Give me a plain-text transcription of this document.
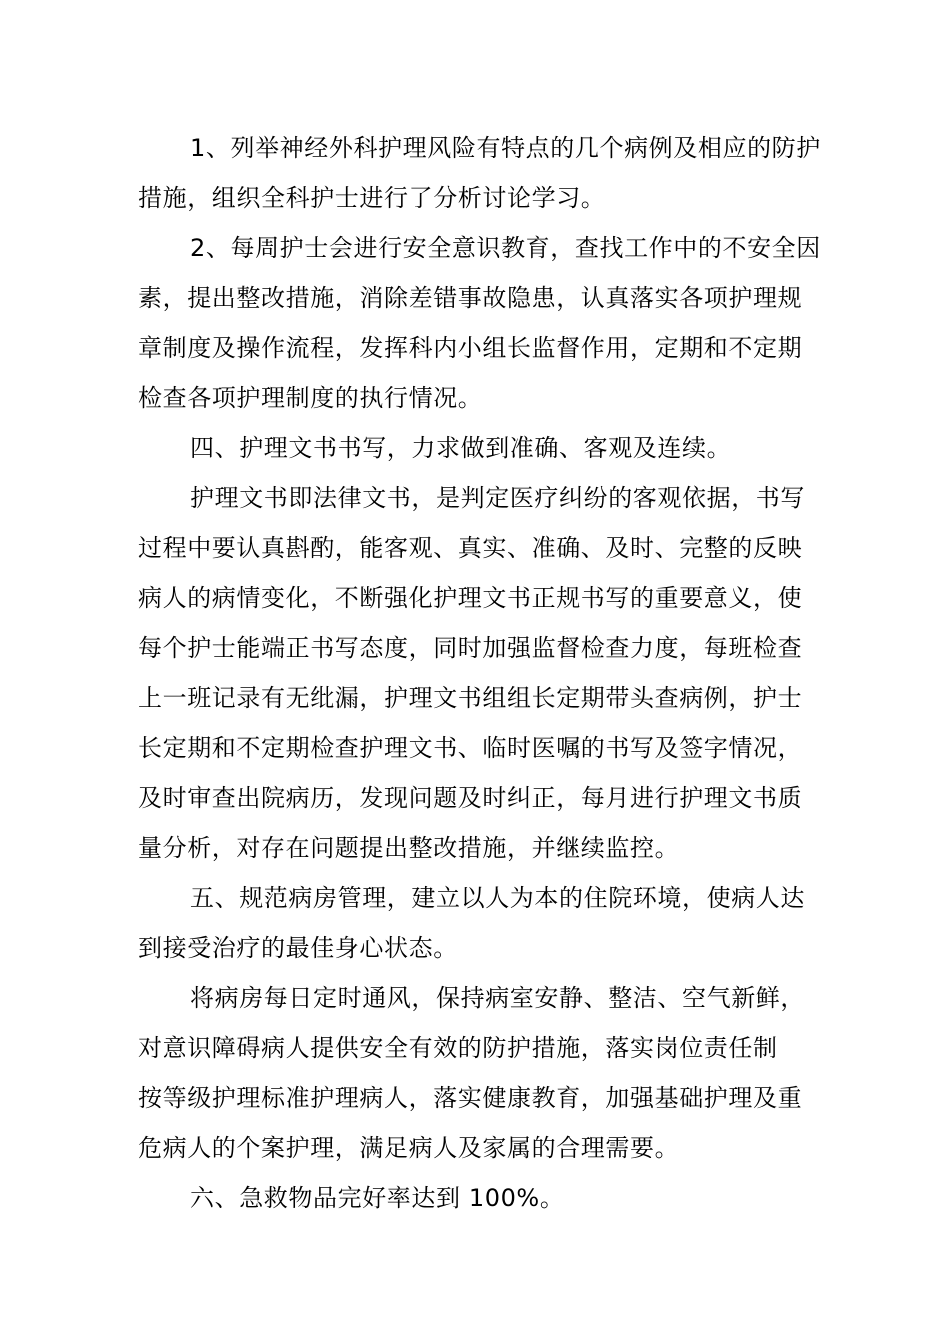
1、列举神经外科护理风险有特点的几个病例及相应的防护
措施，组织全科护士进行了分析讨论学习。
2、每周护士会进行安全意识教育，查找工作中的不安全因
素，提出整改措施，消除差错事故隐患，认真落实各项护理规
章制度及操作流程，发挥科内小组长监督作用，定期和不定期
检查各项护理制度的执行情况。
四、护理文书书写，力求做到准确、客观及连续。
护理文书即法律文书，是判定医疗纠纷的客观依据，书写
过程中要认真斟酌，能客观、真实、准确、及时、完整的反映
病人的病情变化，不断强化护理文书正规书写的重要意义，使
每个护士能端正书写态度，同时加强监督检查力度，每班检查
上一班记录有无纰漏，护理文书组组长定期带头查病例，护士
长定期和不定期检查护理文书、临时医嘱的书写及签字情况，
及时审查出院病历，发现问题及时纠正，每月进行护理文书质
量分析，对存在问题提出整改措施，并继续监控。
五、规范病房管理，建立以人为本的住院环境，使病人达
到接受治疗的最佳身心状态。
将病房每日定时通风，保持病室安静、整洁、空气新鲜，
对意识障碍病人提供安全有效的防护措施，落实岗位责任制
按等级护理标准护理病人，落实健康教育，加强基础护理及重
危病人的个案护理，满足病人及家属的合理需要。
六、急救物品完好率达到 100%。
